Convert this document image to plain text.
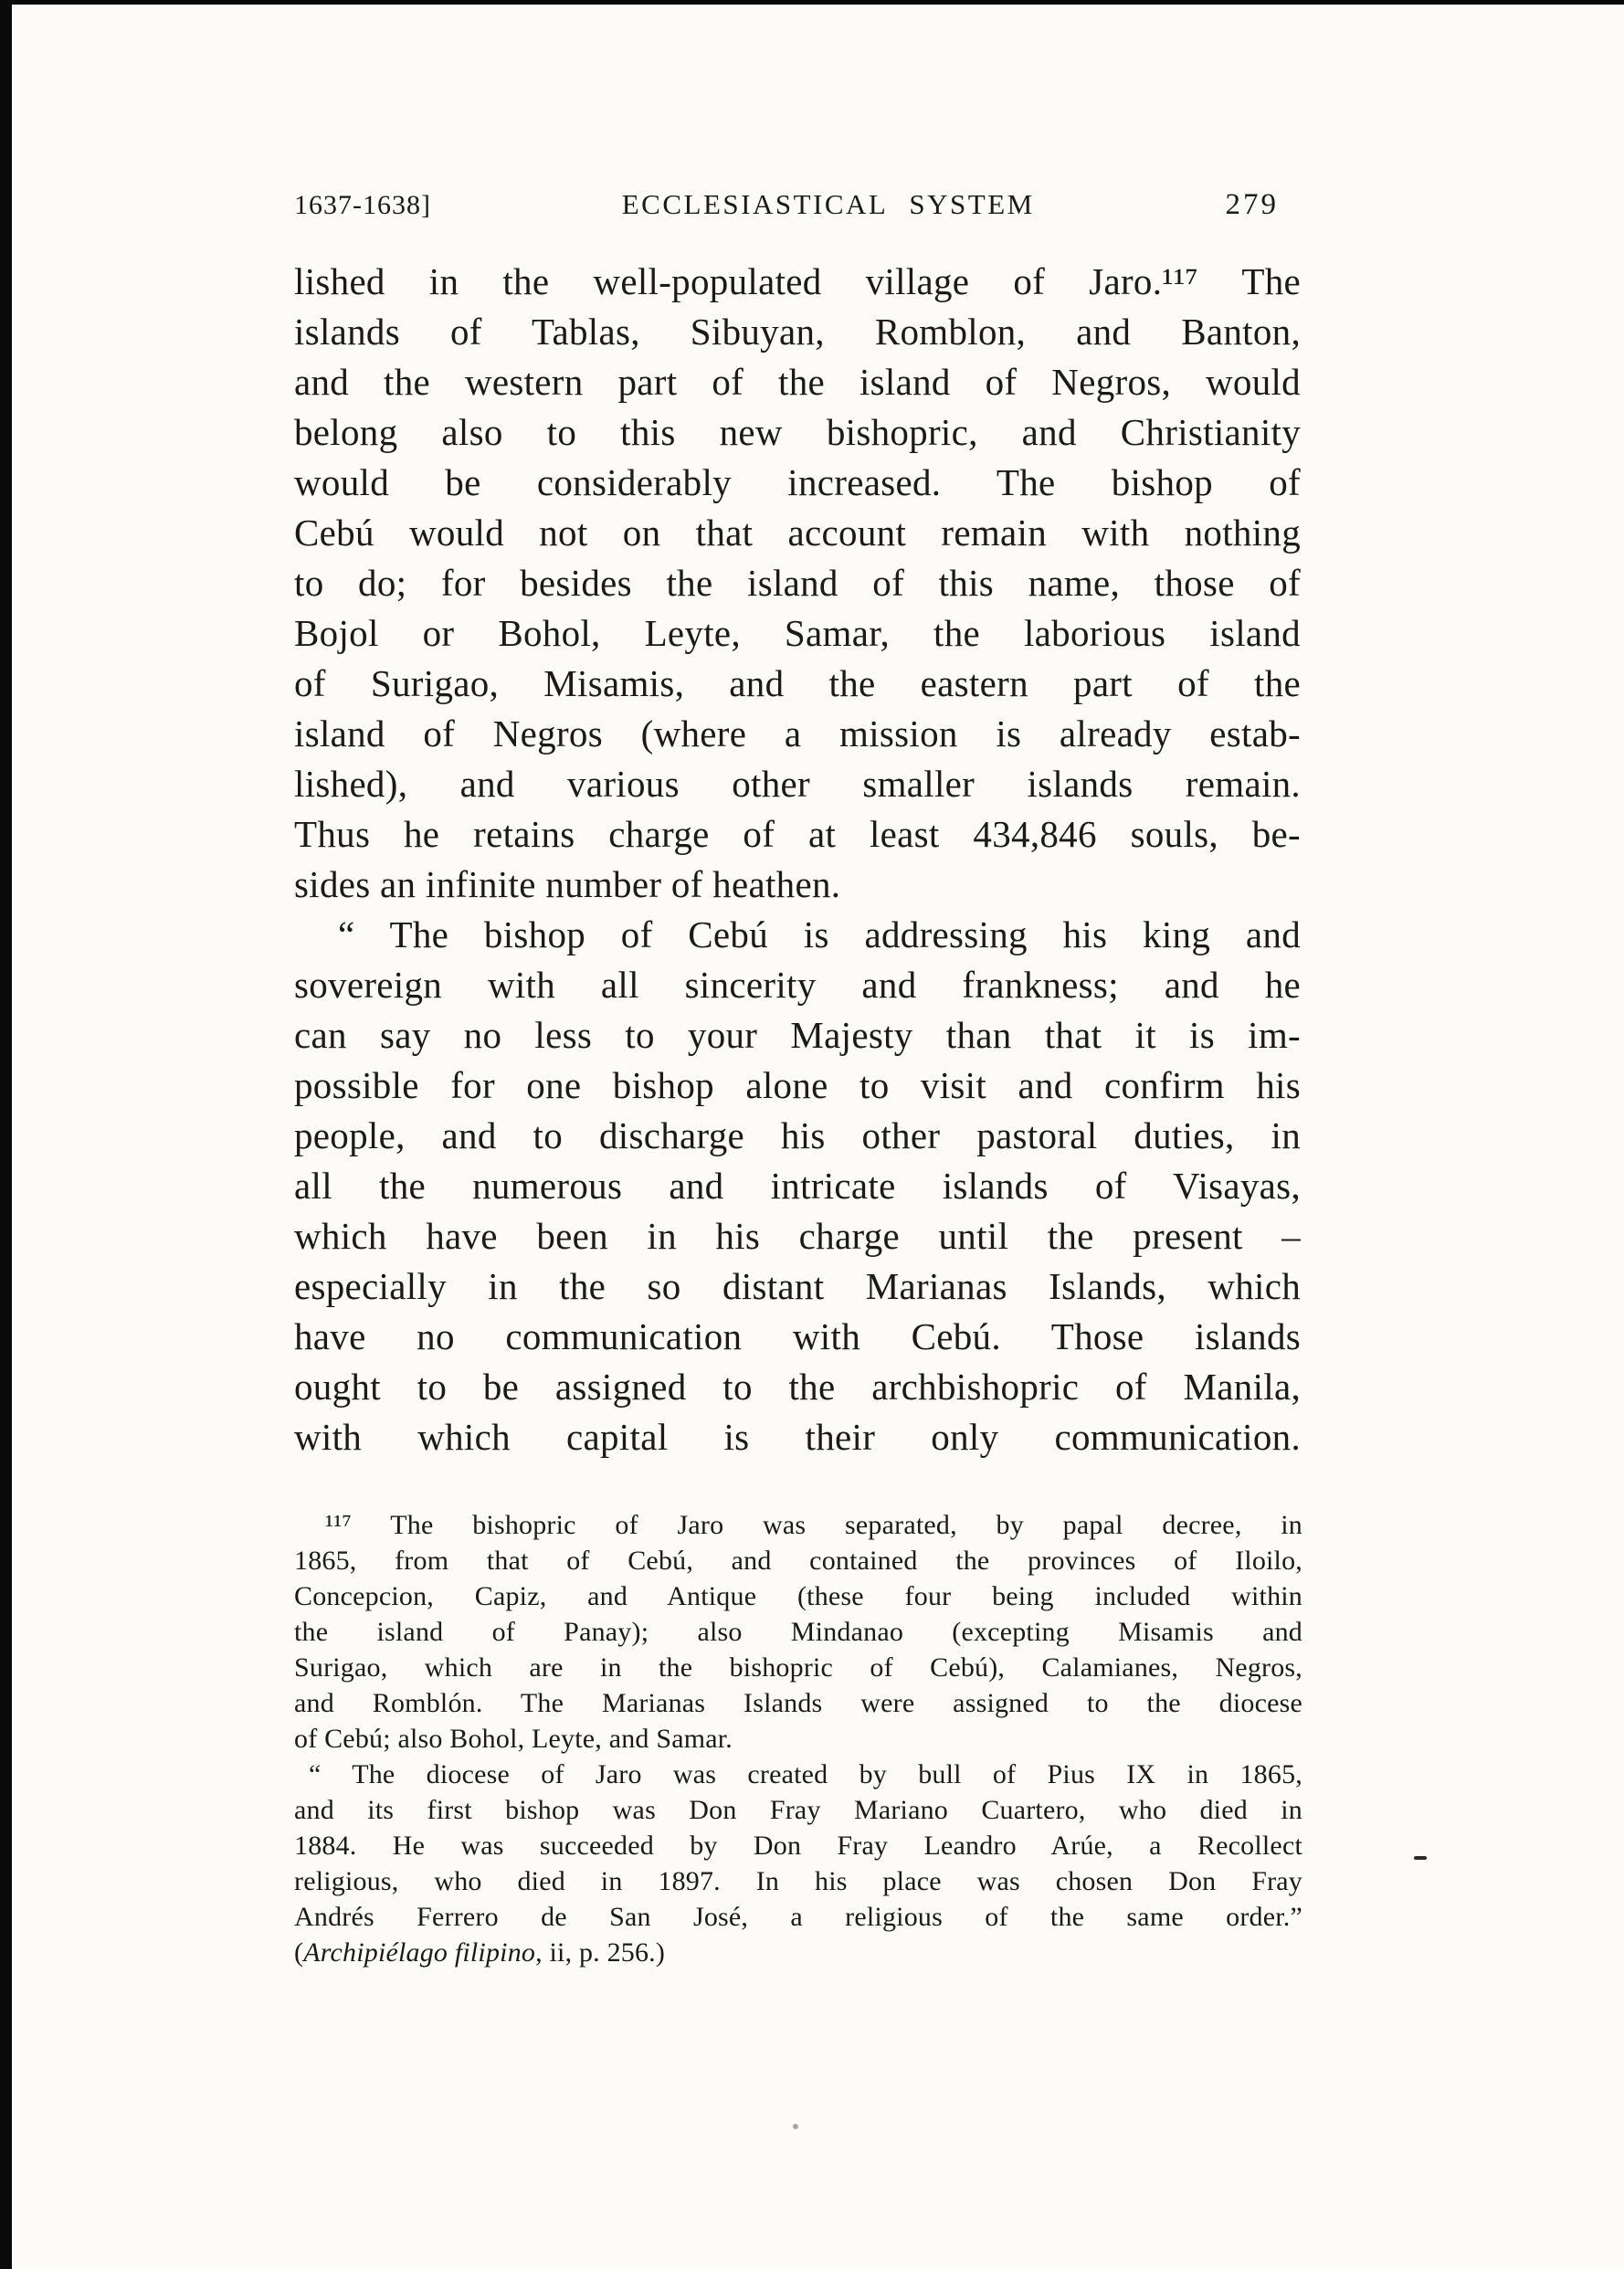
1637-1638]	ECCLESIASTICAL SYSTEM	279
lished in the well-populated village of Jaro.¹¹⁷ The
islands of Tablas, Sibuyan, Romblon, and Banton,
and the western part of the island of Negros, would
belong also to this new bishopric, and Christianity
would be considerably increased. The bishop of
Cebú would not on that account remain with nothing
to do; for besides the island of this name, those of
Bojol or Bohol, Leyte, Samar, the laborious island
of Surigao, Misamis, and the eastern part of the
island of Negros (where a mission is already estab-
lished), and various other smaller islands remain.
Thus he retains charge of at least 434,846 souls, be-
sides an infinite number of heathen.
“ The bishop of Cebú is addressing his king and
sovereign with all sincerity and frankness; and he
can say no less to your Majesty than that it is im-
possible for one bishop alone to visit and confirm his
people, and to discharge his other pastoral duties, in
all the numerous and intricate islands of Visayas,
which have been in his charge until the present –
especially in the so distant Marianas Islands, which
have no communication with Cebú. Those islands
ought to be assigned to the archbishopric of Manila,
with which capital is their only communication.
¹¹⁷ The bishopric of Jaro was separated, by papal decree, in
1865, from that of Cebú, and contained the provinces of Iloilo,
Concepcion, Capiz, and Antique (these four being included within
the island of Panay); also Mindanao (excepting Misamis and
Surigao, which are in the bishopric of Cebú), Calamianes, Negros,
and Romblón. The Marianas Islands were assigned to the diocese
of Cebú; also Bohol, Leyte, and Samar.
“ The diocese of Jaro was created by bull of Pius IX in 1865,
and its first bishop was Don Fray Mariano Cuartero, who died in
1884. He was succeeded by Don Fray Leandro Arúe, a Recollect
religious, who died in 1897. In his place was chosen Don Fray
Andrés Ferrero de San José, a religious of the same order.”
(Archipiélago filipino, ii, p. 256.)
